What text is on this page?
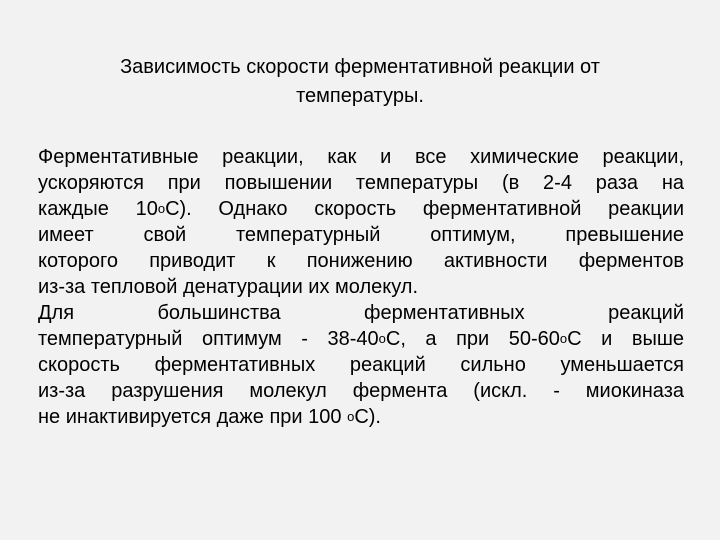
Зависимость скорости ферментативной реакции от
температуры.
Ферментативные реакции, как и все химические реакции,
ускоряются при повышении температуры (в 2-4 раза на
каждые 10$^o$С). Однако скорость ферментативной реакции
имеет свой температурный оптимум, превышение
которого приводит к понижению активности ферментов
из-за тепловой денатурации их молекул.
Для большинства ферментативных реакций
температурный оптимум - 38-40$^o$С, а при 50-60$^o$С и выше
скорость ферментативных реакций сильно уменьшается
из-за разрушения молекул фермента (искл. - миокиназа
не инактивируется даже при 100 $^o$С).
